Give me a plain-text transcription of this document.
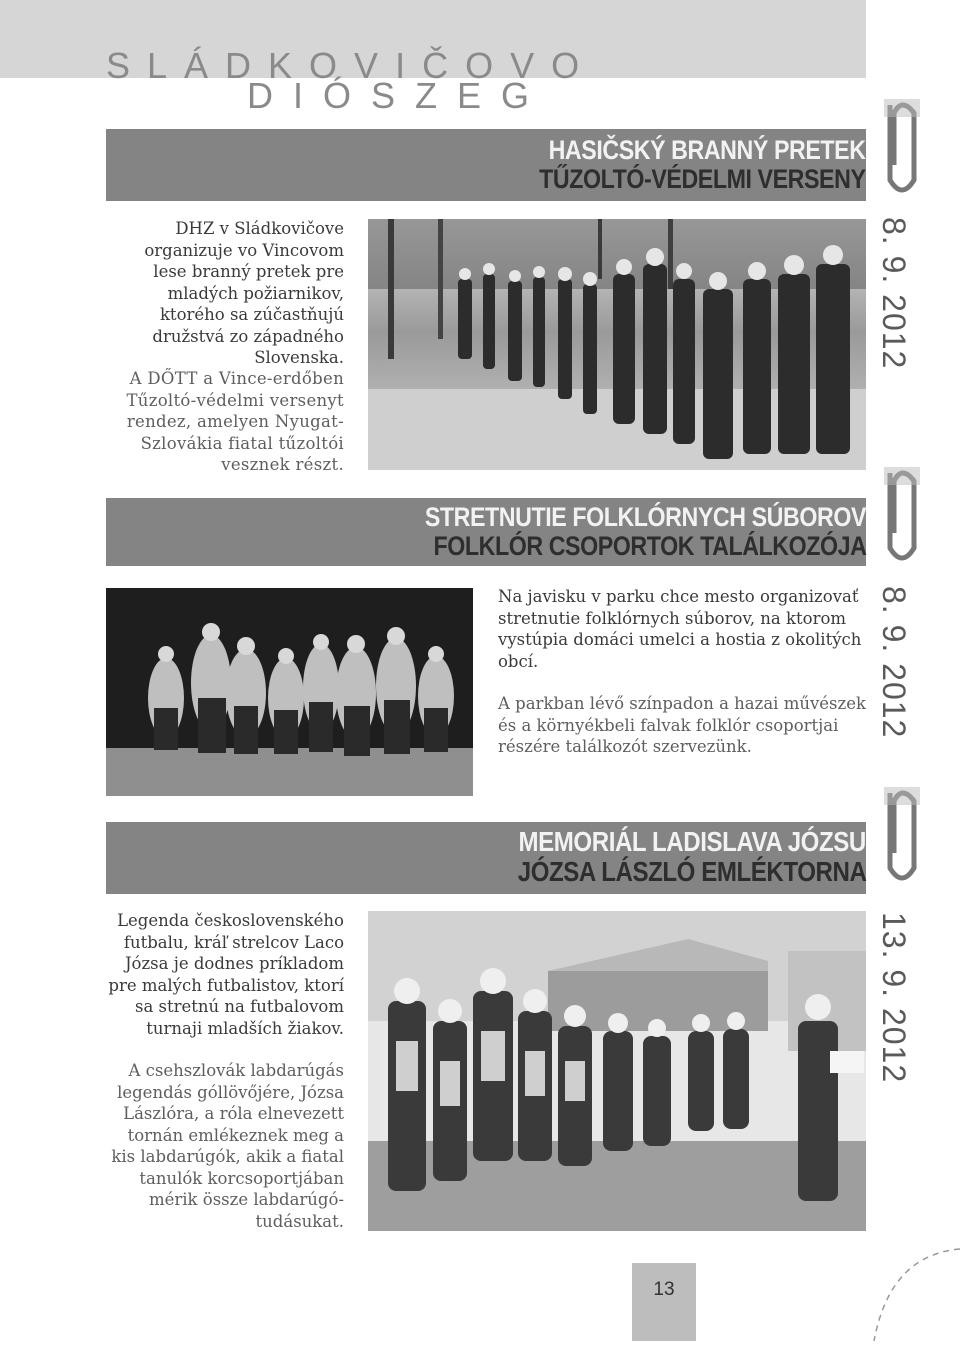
SLÁDKOVIČOVO
DIÓSZEG
HASIČSKÝ BRANNÝ PRETEK
TŰZOLTÓ-VÉDELMI VERSENY
8. 9. 2012

DHZ v Sládkovičove organizuje vo Vincovom lese branný pretek pre mladých požiarnikov, ktorého sa zúčastňujú družstvá zo západného Slovenska.

A DŐTT a Vince-erdőben Tűzoltó-védelmi versenyt rendez, amelyen Nyugat-Szlovákia fiatal tűzoltói vesznek részt.

STRETNUTIE FOLKLÓRNYCH SÚBOROV
FOLKLÓR CSOPORTOK TALÁLKOZÓJA

Na javisku v parku chce mesto organizovať stretnutie folklórnych súborov, na ktorom vystúpia domáci umelci a hostia z okolitých obcí.

A parkban lévő színpadon a hazai művészek és a környékbeli falvak folklór csoportjai részére találkozót szervezünk.

8. 9. 2012
MEMORIÁL LADISLAVA JÓZSU
JÓZSA LÁSZLÓ EMLÉKTORNA

Legenda československého futbalu, kráľ strelcov Laco Józsa je dodnes príkladom pre malých futbalistov, ktorí sa stretnú na futbalovom turnaji mladších žiakov.

A csehszlovák labdarúgás legendás góllövőjére, Józsa Lászlóra, a róla elnevezett tornán emlékeznek meg a kis labdarúgók, akik a fiatal tanulók korcsoportjában mérik össze labdarúgó-tudásukat.

13. 9. 2012
13
